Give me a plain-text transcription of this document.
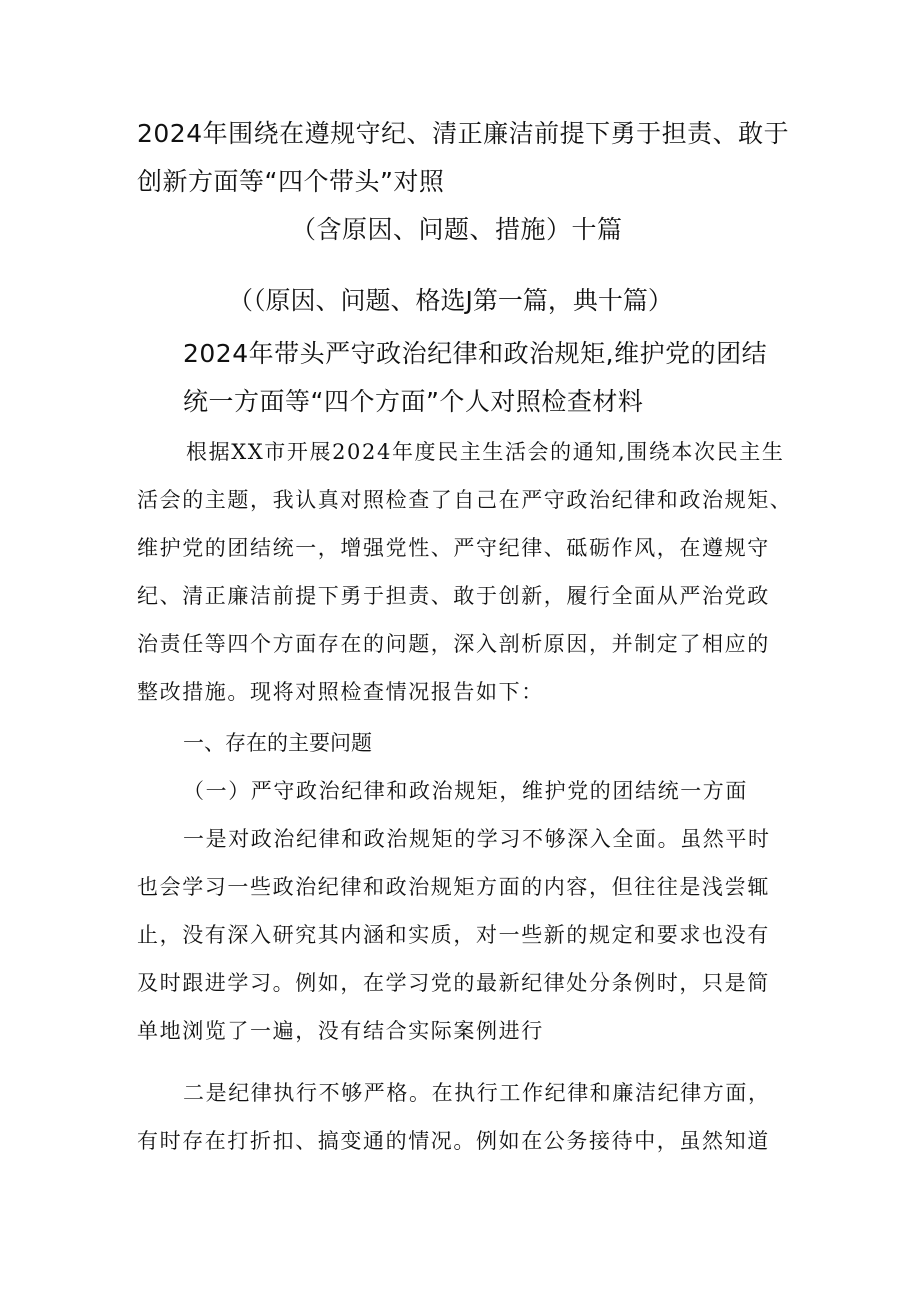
2024年围绕在遵规守纪、清正廉洁前提下勇于担责、敢于

创新方面等“四个带头”对照

（含原因、问题、措施）十篇

（（原因、问题、格选J第一篇，典十篇）

2024年带头严守政治纪律和政治规矩,维护党的团结

统一方面等“四个方面”个人对照检查材料

根据XX市开展2024年度民主生活会的通知,围绕本次民主生

活会的主题，我认真对照检查了自己在严守政治纪律和政治规矩、

维护党的团结统一，增强党性、严守纪律、砥砺作风，在遵规守

纪、清正廉洁前提下勇于担责、敢于创新，履行全面从严治党政

治责任等四个方面存在的问题，深入剖析原因，并制定了相应的

整改措施。现将对照检查情况报告如下：

一、存在的主要问题

（一）严守政治纪律和政治规矩，维护党的团结统一方面

一是对政治纪律和政治规矩的学习不够深入全面。虽然平时

也会学习一些政治纪律和政治规矩方面的内容，但往往是浅尝辄

止，没有深入研究其内涵和实质，对一些新的规定和要求也没有

及时跟进学习。例如，在学习党的最新纪律处分条例时，只是简

单地浏览了一遍，没有结合实际案例进行

二是纪律执行不够严格。在执行工作纪律和廉洁纪律方面，

有时存在打折扣、搞变通的情况。例如在公务接待中，虽然知道
